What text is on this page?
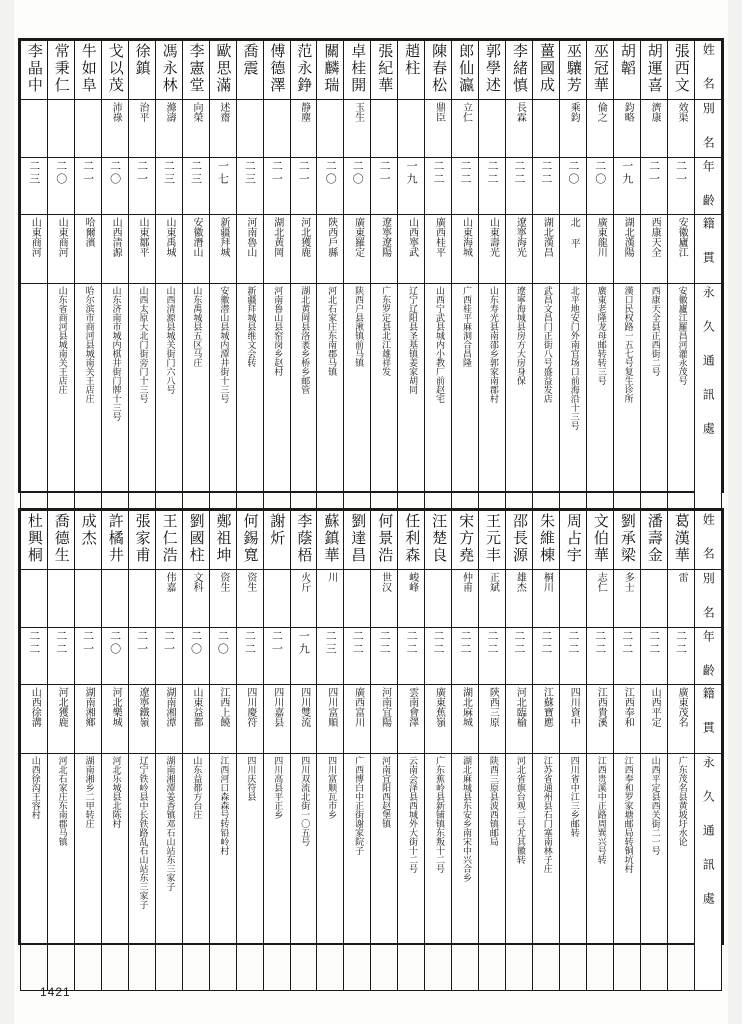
李晶中	常秉仁	牛如阜	戈以茂	徐鎮	馮永林	李憲堂	歐思滿	喬震	傅德澤	范永錚	關麟瑞	卓桂開	張紀華	趙柱	陳春松	郎仙瀛	郭學述	李緒慎	薑國成	巫驤芳	巫冠華	胡韜	胡運喜	張西文	姓 名
			沛祿	治平	滌濤	向榮	述齋			静塵		玉生			鼎臣	立仁		長霖		乘鈞	倫之	鈞略	濟康	效渠	別 名
二三	二〇	二一	二〇	二一	二三	二三	一七	二三	二一	二一	二〇	二〇	二一	一九	二二	二二	二二	二二	二二	二〇	二〇	一九	二一	二一	年 齡
山東商河	山東商河	哈爾濱	山西清源	山東鄒平	山東禹城	安徽潛山	新疆拜城	河南魯山	湖北黄岡	河北獲鹿	陝西戶縣	廣東羅定	遼寧遼陽	山西寧武	廣西桂平	山東海城	山東壽光	遼寧海光	湖北漢昌	北 平	廣東龍川	湖北漢陽	西康天全	安徽廬江	籍 貫
	山东省商河县城南关王店庄	哈尔滨市商河县城南关王店庄	山东济南市城内棋井街门牌十三号	山西太原大北门街旁门十三号	山西清源县城关街门六八号	山东禹城县五区马庄	安徽潜山县城内潭井街十三号	新疆拜城县维文会转	河南鲁山县窑岗乡赵村	湖北黄岡县洛袤乡桥乡邮管	河北石家庄东南郡马镇	陕西户县湫镇前马镇	广东罗定县北江雄祥发	辽宁辽阳县圣基镇姜家胡同	山西宁武县城内小教厂前赵宅	广西桂平麻洞合昌隆	山东寿光县南邵乡郭家南郡村	遼寧海城县房方大房身保	武昌文昌门正街八号盛益发店	北平地安门外南官场口前海沿十三号	廣東老隆龙母邮转转三号	漢口民权路一五七号复生诊所	西康天全县正西街二号	安徽廬江羅昌河灌永茂号	永 久 通 訊 處
杜興桐	喬德生	成杰	許橘井	張家甫	王仁浩	劉國柱	鄭祖坤	何錫寬	謝炘	李蔭梧	蘇鎮華	劉達昌	何景浩	任利森	汪楚良	宋方堯	王元丰	邵長源	朱維棟	周占宇	文伯華	劉承梁	潘壽金	葛漢華	姓 名
					伟嘉	文科	资生	资生		火斤	川		世汉	峻峰		仲甫	正斌	雄杰	桐川		志仁	多士		雷	別 名
二二	二二	二一	二〇	二一	二一	二〇	二〇	二二	二一	一九	二三	二二	二二	二二	二二	二二	二二	二二	二二	二二	二二	二二	二二	二二	年 齡
山西徐溝	河北獲鹿	湖南湘鄉	河北樂城	遼寧鐵嶺	湖南湘潭	山東益都	江西上饒	四川慶符	四川嘉县	四川雙流	四川富順	廣西富川	河南宜陽	雲南會澤	廣東蕉嶺	湖北麻城	陝西三原	河北臨榆	江蘇寶應	四川資中	江西貴溪	江西奉和	山西平定	廣東茂名	籍 貫
山西徐沟王容村	河北石家庄东南郡马镇	湖南湘乡二甲转庄	河北乐城县北陈村	辽宁铁岭县中长铁路乱石山站东三家子	湖南湘潭姜香镇邓石山站东三家子	山东益都方台庄	江西河口森森号转铅岭村	四川庆符县	四川高县平正乡	四川双流北街一〇五号	四川富顺瓦市乡	广西博白中正街谢家院子	河南宜阳西赵堡镇	云南会泽县西城外大街十二号	广东蕉岭县新铺镇东叛十二号	湖北麻城县东安乡南宋中兴合乡	陕西三原县波西镇邮局	河北省旗台观二号尤其徽转	江苏省通州县石门塞南林子庄	四川省中江三乡邮转	江西贵溪中正路周巽兴号转	江西奉和罗家塘邮局转铜坑村	山西平定县西关街二一号	广东茂名县黄坡圩水论	永 久 通 訊 處
1421
